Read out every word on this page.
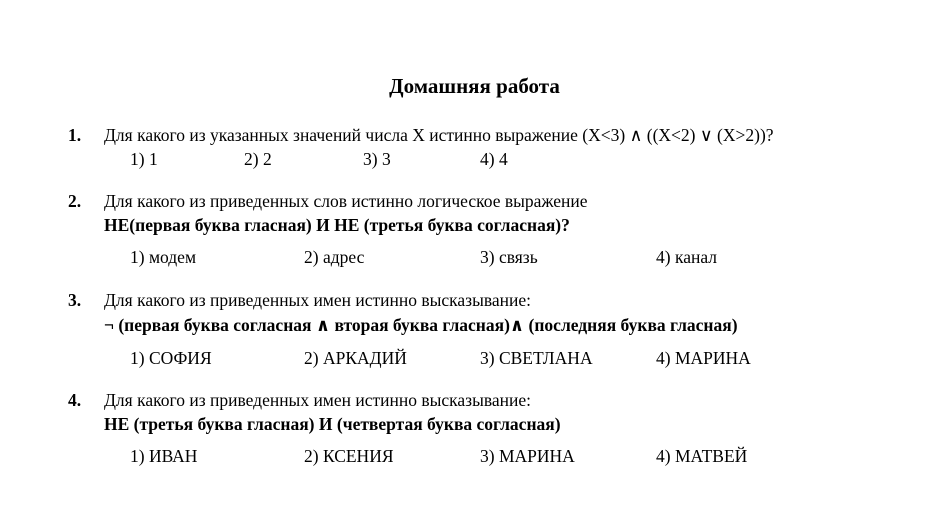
Домашняя работа
1. Для какого из указанных значений числа X истинно выражение (X<3) ∧ ((X<2) ∨ (X>2))?
1) 1	2) 2	3) 3	4) 4
2. Для какого из приведенных слов истинно логическое выражение
НЕ(первая буква гласная) И НЕ (третья буква согласная)?
1) модем	2) адрес	3) связь	4) канал
3. Для какого из приведенных имен истинно высказывание:
¬ (первая буква согласная ∧ вторая буква гласная)∧ (последняя буква гласная)
1) СОФИЯ	2) АРКАДИЙ	3) СВЕТЛАНА	4) МАРИНА
4. Для какого из приведенных имен истинно высказывание:
НЕ (третья буква гласная) И (четвертая буква согласная)
1) ИВАН	2) КСЕНИЯ	3) МАРИНА	4) МАТВЕЙ
